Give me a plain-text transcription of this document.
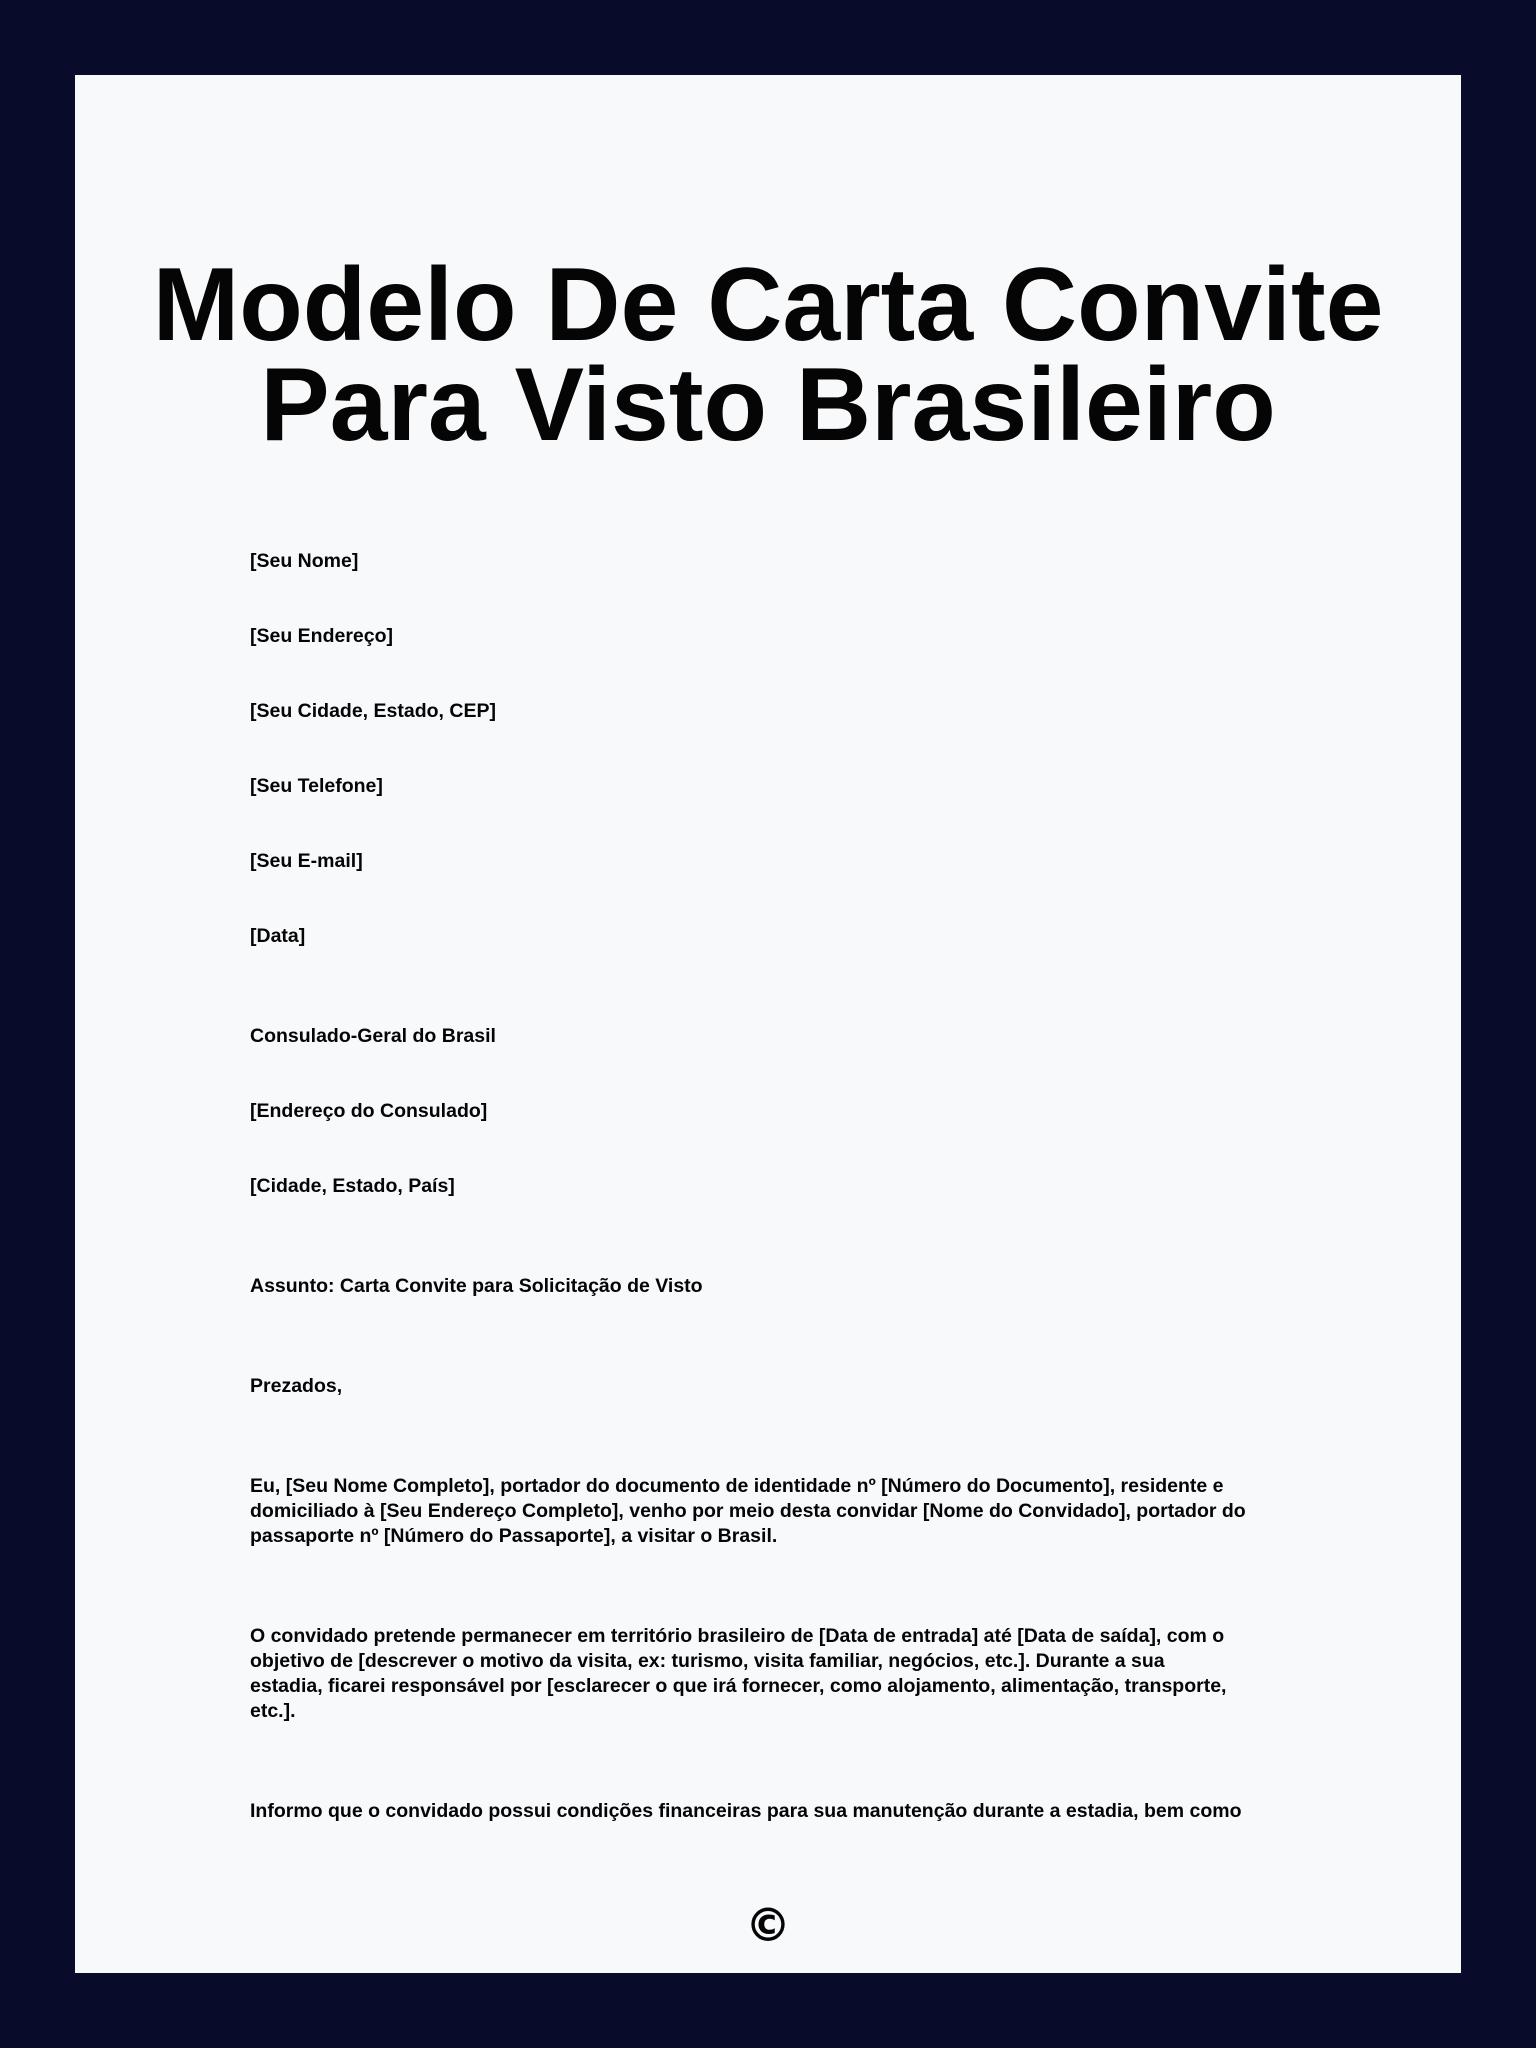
Modelo De Carta Convite
Para Visto Brasileiro

[Seu Nome]

[Seu Endereço]

[Seu Cidade, Estado, CEP]

[Seu Telefone]

[Seu E-mail]

[Data]

Consulado-Geral do Brasil

[Endereço do Consulado]

[Cidade, Estado, País]

Assunto: Carta Convite para Solicitação de Visto

Prezados,

Eu, [Seu Nome Completo], portador do documento de identidade nº [Número do Documento], residente e
domiciliado à [Seu Endereço Completo], venho por meio desta convidar [Nome do Convidado], portador do
passaporte nº [Número do Passaporte], a visitar o Brasil.

O convidado pretende permanecer em território brasileiro de [Data de entrada] até [Data de saída], com o
objetivo de [descrever o motivo da visita, ex: turismo, visita familiar, negócios, etc.]. Durante a sua
estadia, ficarei responsável por [esclarecer o que irá fornecer, como alojamento, alimentação, transporte,
etc.].

Informo que o convidado possui condições financeiras para sua manutenção durante a estadia, bem como

©
